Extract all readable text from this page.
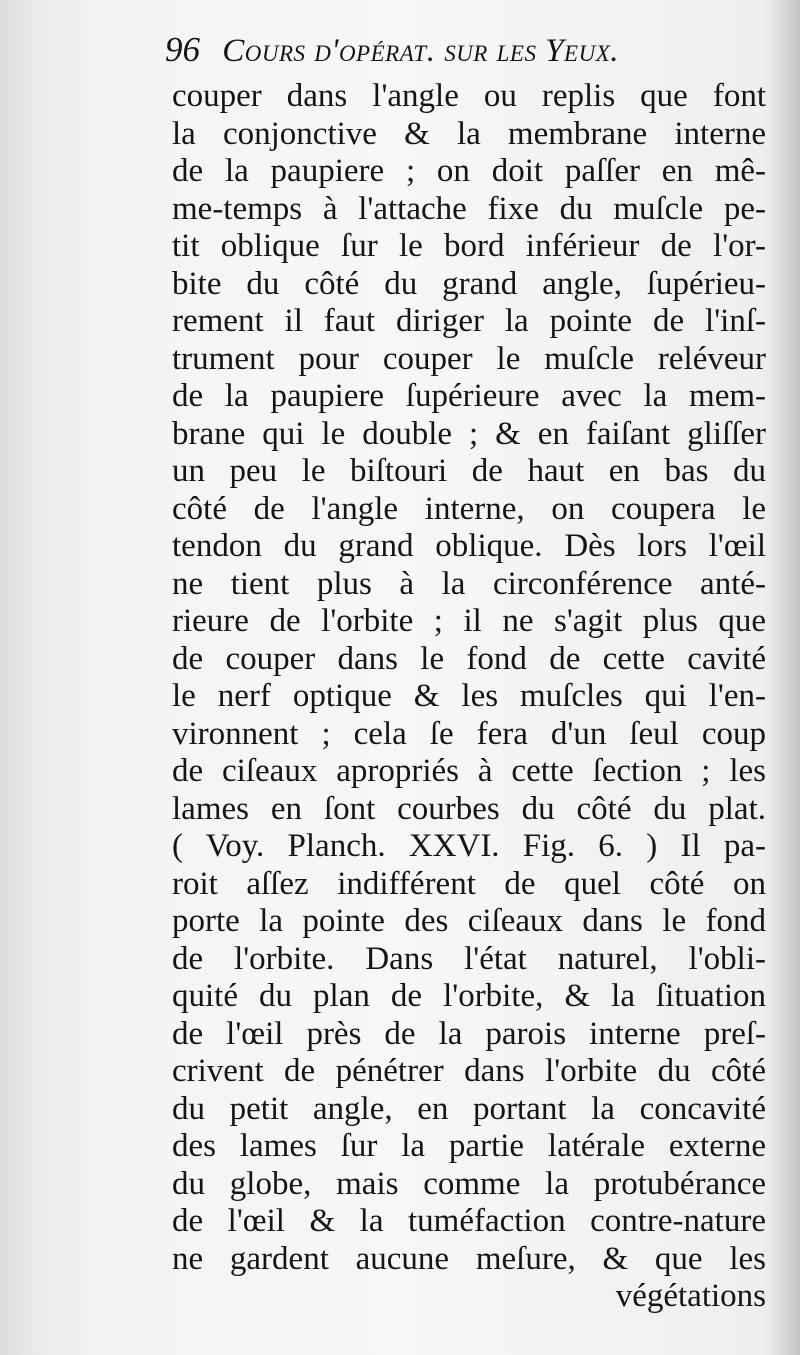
96 Cours d'opérat. sur les Yeux.
couper dans l'angle ou replis que font
la conjonctive & la membrane interne
de la paupiere ; on doit paſſer en mê-
me-temps à l'attache fixe du muſcle pe-
tit oblique ſur le bord inférieur de l'or-
bite du côté du grand angle, ſupérieu-
rement il faut diriger la pointe de l'inſ-
trument pour couper le muſcle reléveur
de la paupiere ſupérieure avec la mem-
brane qui le double ; & en faiſant gliſſer
un peu le biſtouri de haut en bas du
côté de l'angle interne, on coupera le
tendon du grand oblique. Dès lors l'œil
ne tient plus à la circonférence anté-
rieure de l'orbite ; il ne s'agit plus que
de couper dans le fond de cette cavité
le nerf optique & les muſcles qui l'en-
vironnent ; cela ſe fera d'un ſeul coup
de ciſeaux apropriés à cette ſection ; les
lames en ſont courbes du côté du plat.
( Voy. Planch. XXVI. Fig. 6. ) Il pa-
roit aſſez indifférent de quel côté on
porte la pointe des ciſeaux dans le fond
de l'orbite. Dans l'état naturel, l'obli-
quité du plan de l'orbite, & la ſituation
de l'œil près de la parois interne preſ-
crivent de pénétrer dans l'orbite du côté
du petit angle, en portant la concavité
des lames ſur la partie latérale externe
du globe, mais comme la protubérance
de l'œil & la tuméfaction contre-nature
ne gardent aucune meſure, & que les
végétations
